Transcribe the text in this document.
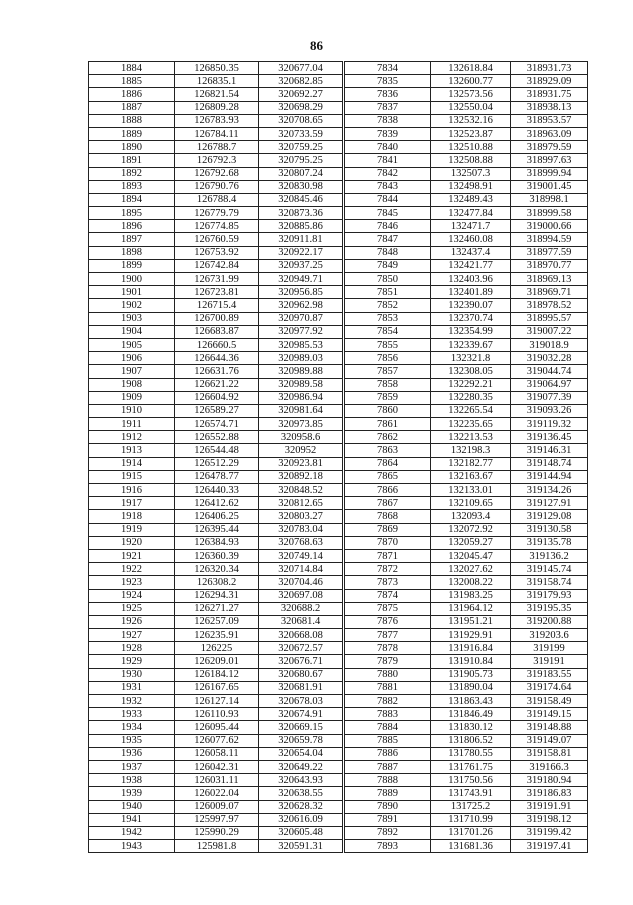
86
1884	126850.35	320677.04		7834	132618.84	318931.73
1885	126835.1	320682.85		7835	132600.77	318929.09
1886	126821.54	320692.27		7836	132573.56	318931.75
1887	126809.28	320698.29		7837	132550.04	318938.13
1888	126783.93	320708.65		7838	132532.16	318953.57
1889	126784.11	320733.59		7839	132523.87	318963.09
1890	126788.7	320759.25		7840	132510.88	318979.59
1891	126792.3	320795.25		7841	132508.88	318997.63
1892	126792.68	320807.24		7842	132507.3	318999.94
1893	126790.76	320830.98		7843	132498.91	319001.45
1894	126788.4	320845.46		7844	132489.43	318998.1
1895	126779.79	320873.36		7845	132477.84	318999.58
1896	126774.85	320885.86		7846	132471.7	319000.66
1897	126760.59	320911.81		7847	132460.08	318994.59
1898	126753.92	320922.17		7848	132437.4	318977.59
1899	126742.84	320937.25		7849	132421.77	318970.77
1900	126731.99	320949.71		7850	132403.96	318969.13
1901	126723.81	320956.85		7851	132401.89	318969.71
1902	126715.4	320962.98		7852	132390.07	318978.52
1903	126700.89	320970.87		7853	132370.74	318995.57
1904	126683.87	320977.92		7854	132354.99	319007.22
1905	126660.5	320985.53		7855	132339.67	319018.9
1906	126644.36	320989.03		7856	132321.8	319032.28
1907	126631.76	320989.88		7857	132308.05	319044.74
1908	126621.22	320989.58		7858	132292.21	319064.97
1909	126604.92	320986.94		7859	132280.35	319077.39
1910	126589.27	320981.64		7860	132265.54	319093.26
1911	126574.71	320973.85		7861	132235.65	319119.32
1912	126552.88	320958.6		7862	132213.53	319136.45
1913	126544.48	320952		7863	132198.3	319146.31
1914	126512.29	320923.81		7864	132182.77	319148.74
1915	126478.77	320892.18		7865	132163.67	319144.94
1916	126440.33	320848.52		7866	132133.01	319134.26
1917	126412.62	320812.65		7867	132109.65	319127.91
1918	126406.25	320803.27		7868	132093.4	319129.08
1919	126395.44	320783.04		7869	132072.92	319130.58
1920	126384.93	320768.63		7870	132059.27	319135.78
1921	126360.39	320749.14		7871	132045.47	319136.2
1922	126320.34	320714.84		7872	132027.62	319145.74
1923	126308.2	320704.46		7873	132008.22	319158.74
1924	126294.31	320697.08		7874	131983.25	319179.93
1925	126271.27	320688.2		7875	131964.12	319195.35
1926	126257.09	320681.4		7876	131951.21	319200.88
1927	126235.91	320668.08		7877	131929.91	319203.6
1928	126225	320672.57		7878	131916.84	319199
1929	126209.01	320676.71		7879	131910.84	319191
1930	126184.12	320680.67		7880	131905.73	319183.55
1931	126167.65	320681.91		7881	131890.04	319174.64
1932	126127.14	320678.03		7882	131863.43	319158.49
1933	126110.93	320674.91		7883	131846.49	319149.15
1934	126095.44	320669.15		7884	131830.12	319148.88
1935	126077.62	320659.78		7885	131806.52	319149.07
1936	126058.11	320654.04		7886	131780.55	319158.81
1937	126042.31	320649.22		7887	131761.75	319166.3
1938	126031.11	320643.93		7888	131750.56	319180.94
1939	126022.04	320638.55		7889	131743.91	319186.83
1940	126009.07	320628.32		7890	131725.2	319191.91
1941	125997.97	320616.09		7891	131710.99	319198.12
1942	125990.29	320605.48		7892	131701.26	319199.42
1943	125981.8	320591.31		7893	131681.36	319197.41
